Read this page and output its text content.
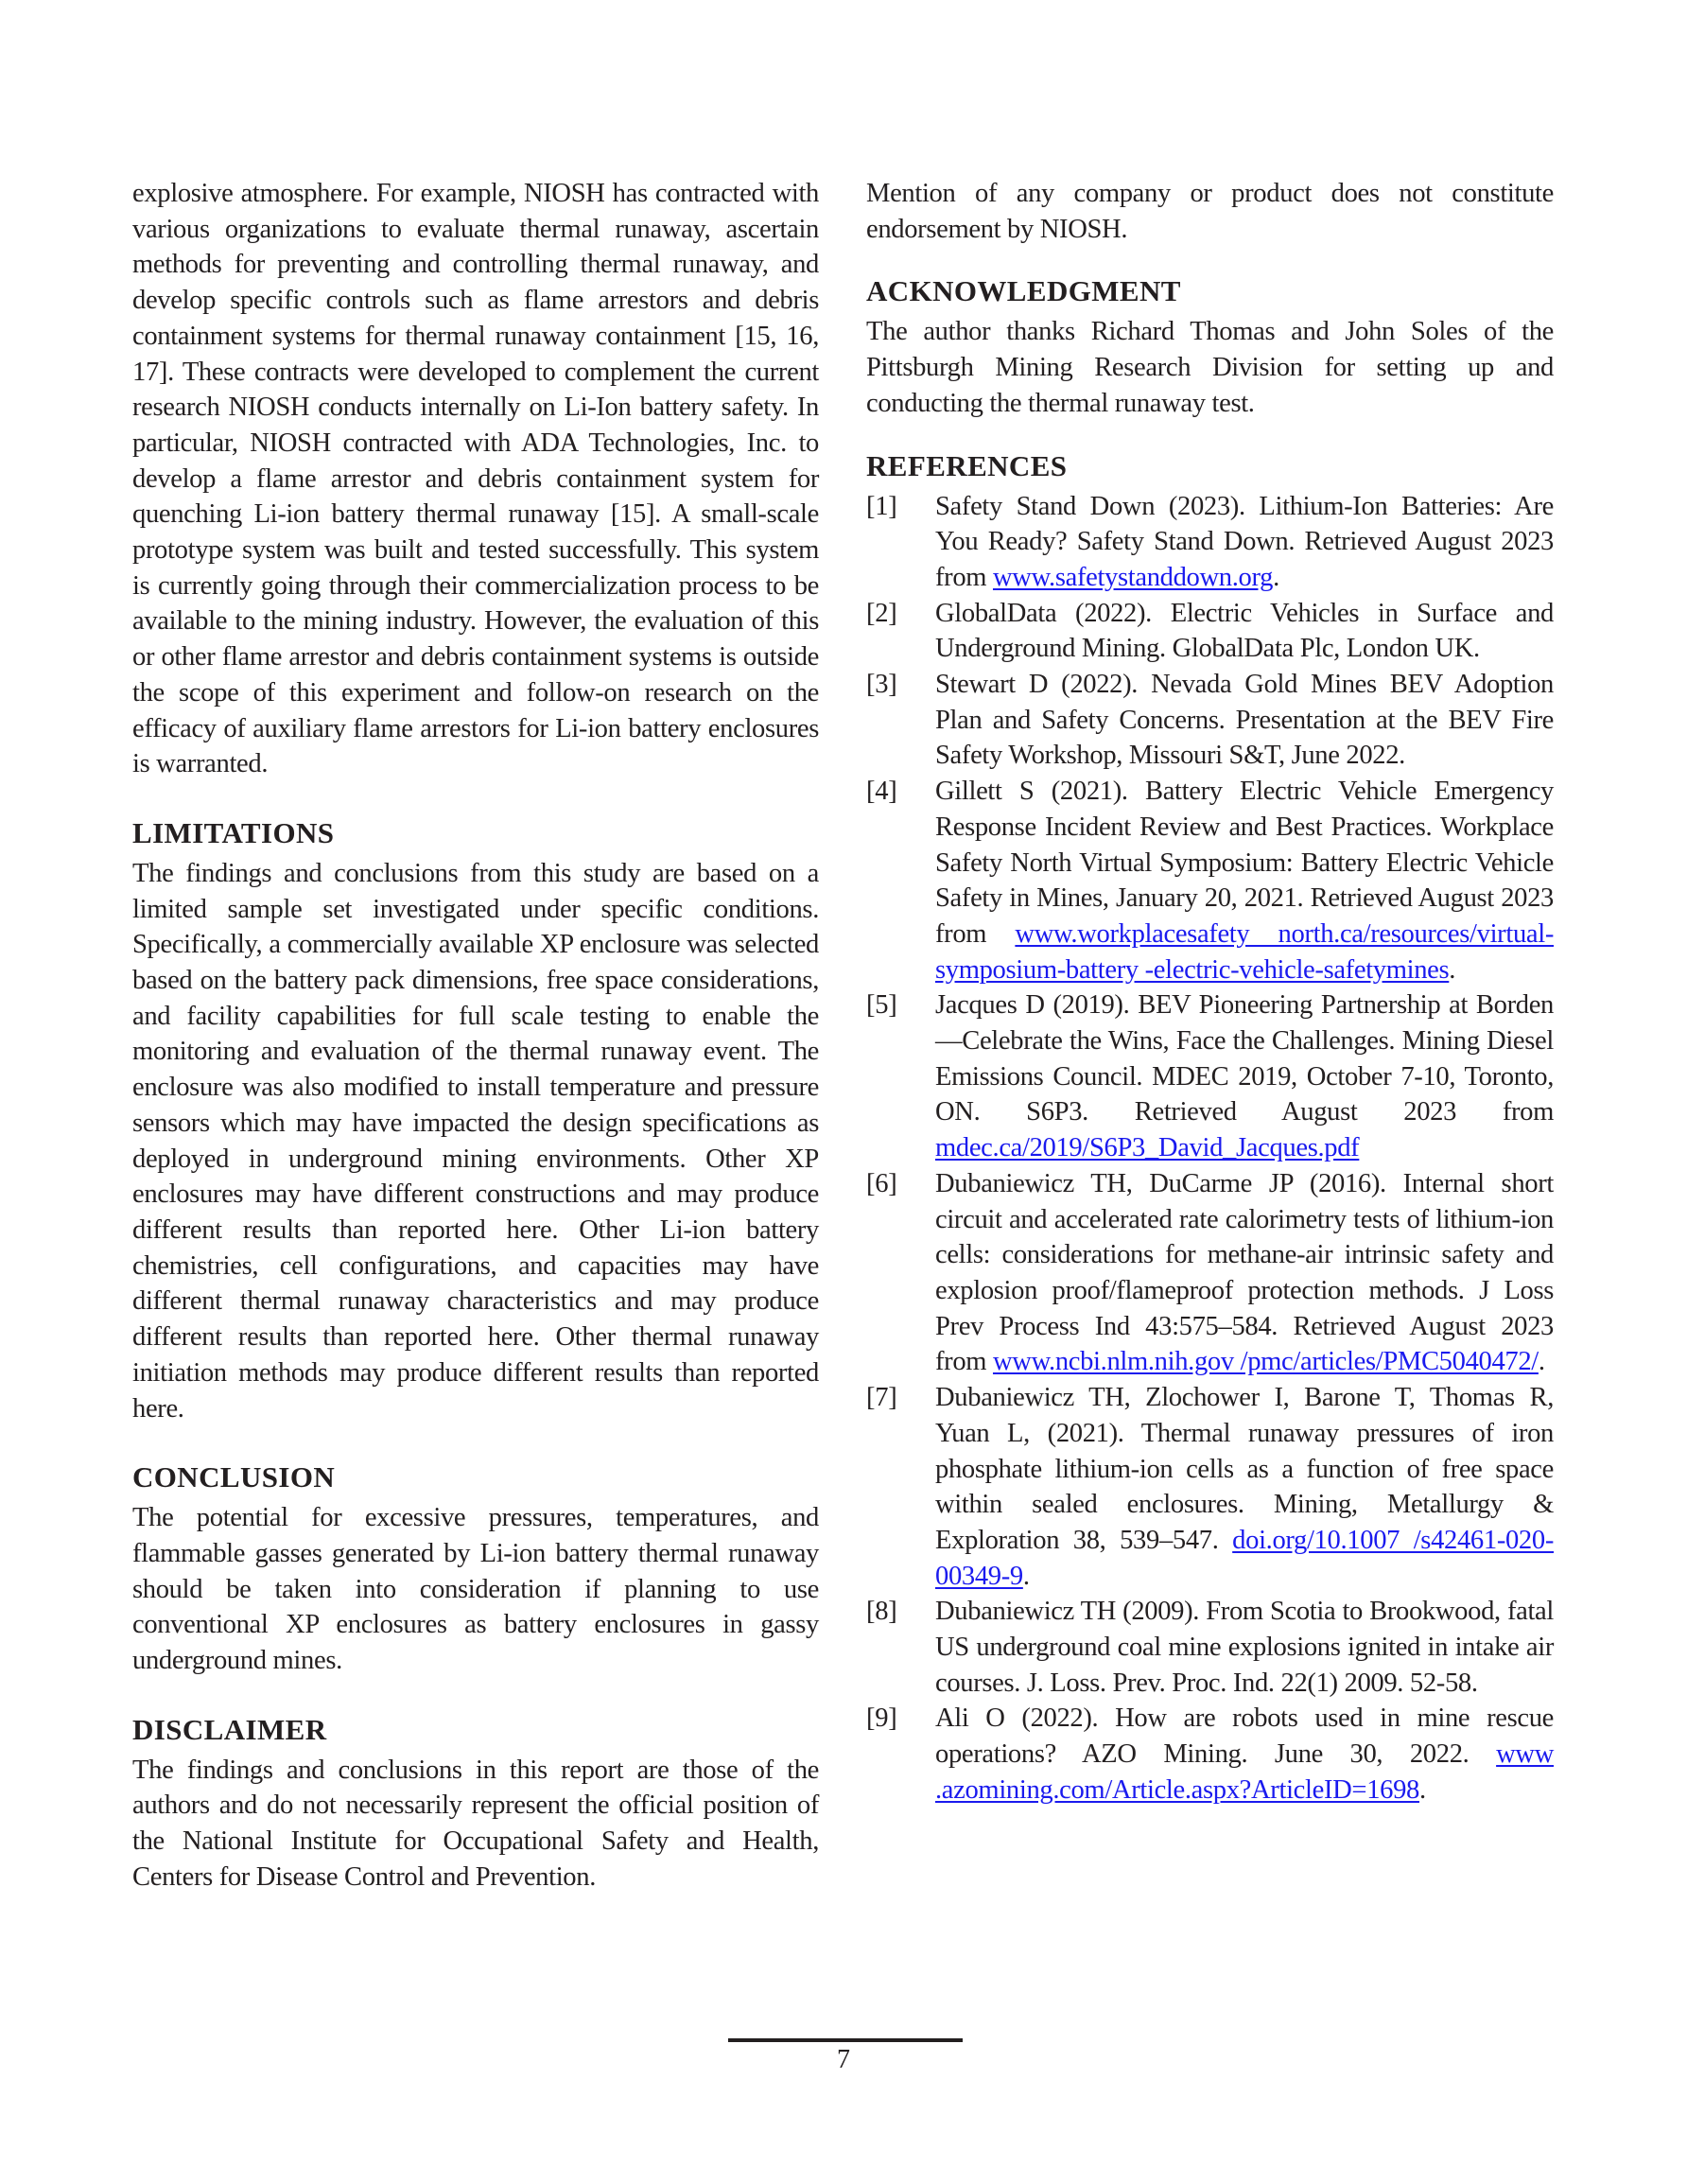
explosive atmosphere. For example, NIOSH has contracted with various organizations to evaluate thermal runaway, ascertain methods for preventing and controlling thermal runaway, and develop specific controls such as flame arrestors and debris containment systems for thermal runaway containment [15, 16, 17]. These contracts were developed to complement the current research NIOSH conducts internally on Li-Ion battery safety. In particular, NIOSH contracted with ADA Technologies, Inc. to develop a flame arrestor and debris containment system for quenching Li-ion battery thermal runaway [15]. A small-scale prototype system was built and tested successfully. This system is currently going through their commercialization process to be available to the mining industry. However, the evaluation of this or other flame arrestor and debris containment systems is outside the scope of this experiment and follow-on research on the efficacy of auxiliary flame arrestors for Li-ion battery enclosures is warranted.

LIMITATIONS

The findings and conclusions from this study are based on a limited sample set investigated under specific conditions. Specifically, a commercially available XP enclosure was selected based on the battery pack dimensions, free space considerations, and facility capabilities for full scale testing to enable the monitoring and evaluation of the thermal runaway event. The enclosure was also modified to install temperature and pressure sensors which may have impacted the design specifications as deployed in underground mining environments. Other XP enclosures may have different constructions and may produce different results than reported here. Other Li-ion battery chemistries, cell configurations, and capacities may have different thermal runaway characteristics and may produce different results than reported here. Other thermal runaway initiation methods may produce different results than reported here.

CONCLUSION

The potential for excessive pressures, temperatures, and flammable gasses generated by Li-ion battery thermal runaway should be taken into consideration if planning to use conventional XP enclosures as battery enclosures in gassy underground mines.

DISCLAIMER

The findings and conclusions in this report are those of the authors and do not necessarily represent the official position of the National Institute for Occupational Safety and Health, Centers for Disease Control and Prevention.

Mention of any company or product does not constitute endorsement by NIOSH.

ACKNOWLEDGMENT

The author thanks Richard Thomas and John Soles of the Pittsburgh Mining Research Division for setting up and conducting the thermal runaway test.

REFERENCES
[1]	Safety Stand Down (2023). Lithium-Ion Batteries: Are You Ready? Safety Stand Down. Retrieved August 2023 from www.safetystanddown.org.
[2]	GlobalData (2022). Electric Vehicles in Surface and Underground Mining. GlobalData Plc, London UK.
[3]	Stewart D (2022). Nevada Gold Mines BEV Adoption Plan and Safety Concerns. Presentation at the BEV Fire Safety Workshop, Missouri S&T, June 2022.
[4]	Gillett S (2021). Battery Electric Vehicle Emergency Response Incident Review and Best Practices. Workplace Safety North Virtual Symposium: Battery Electric Vehicle Safety in Mines, January 20, 2021. Retrieved August 2023 from www.workplacesafety north.ca/resources/virtual-symposium-battery -electric-vehicle-safetymines.
[5]	Jacques D (2019). BEV Pioneering Partnership at Borden—Celebrate the Wins, Face the Challenges. Mining Diesel Emissions Council. MDEC 2019, October 7-10, Toronto, ON. S6P3. Retrieved August 2023 from mdec.ca/2019/S6P3_David_Jacques.pdf
[6]	Dubaniewicz TH, DuCarme JP (2016). Internal short circuit and accelerated rate calorimetry tests of lithium-ion cells: considerations for methane-air intrinsic safety and explosion proof/flameproof protection methods. J Loss Prev Process Ind 43:575–584. Retrieved August 2023 from www.ncbi.nlm.nih.gov /pmc/articles/PMC5040472/.
[7]	Dubaniewicz TH, Zlochower I, Barone T, Thomas R, Yuan L, (2021). Thermal runaway pressures of iron phosphate lithium-ion cells as a function of free space within sealed enclosures. Mining, Metallurgy & Exploration 38, 539–547. doi.org/10.1007 /s42461-020-00349-9.
[8]	Dubaniewicz TH (2009). From Scotia to Brookwood, fatal US underground coal mine explosions ignited in intake air courses. J. Loss. Prev. Proc. Ind. 22(1) 2009. 52-58.
[9]	Ali O (2022). How are robots used in mine rescue operations? AZO Mining. June 30, 2022. www .azomining.com/Article.aspx?ArticleID=1698.
7
